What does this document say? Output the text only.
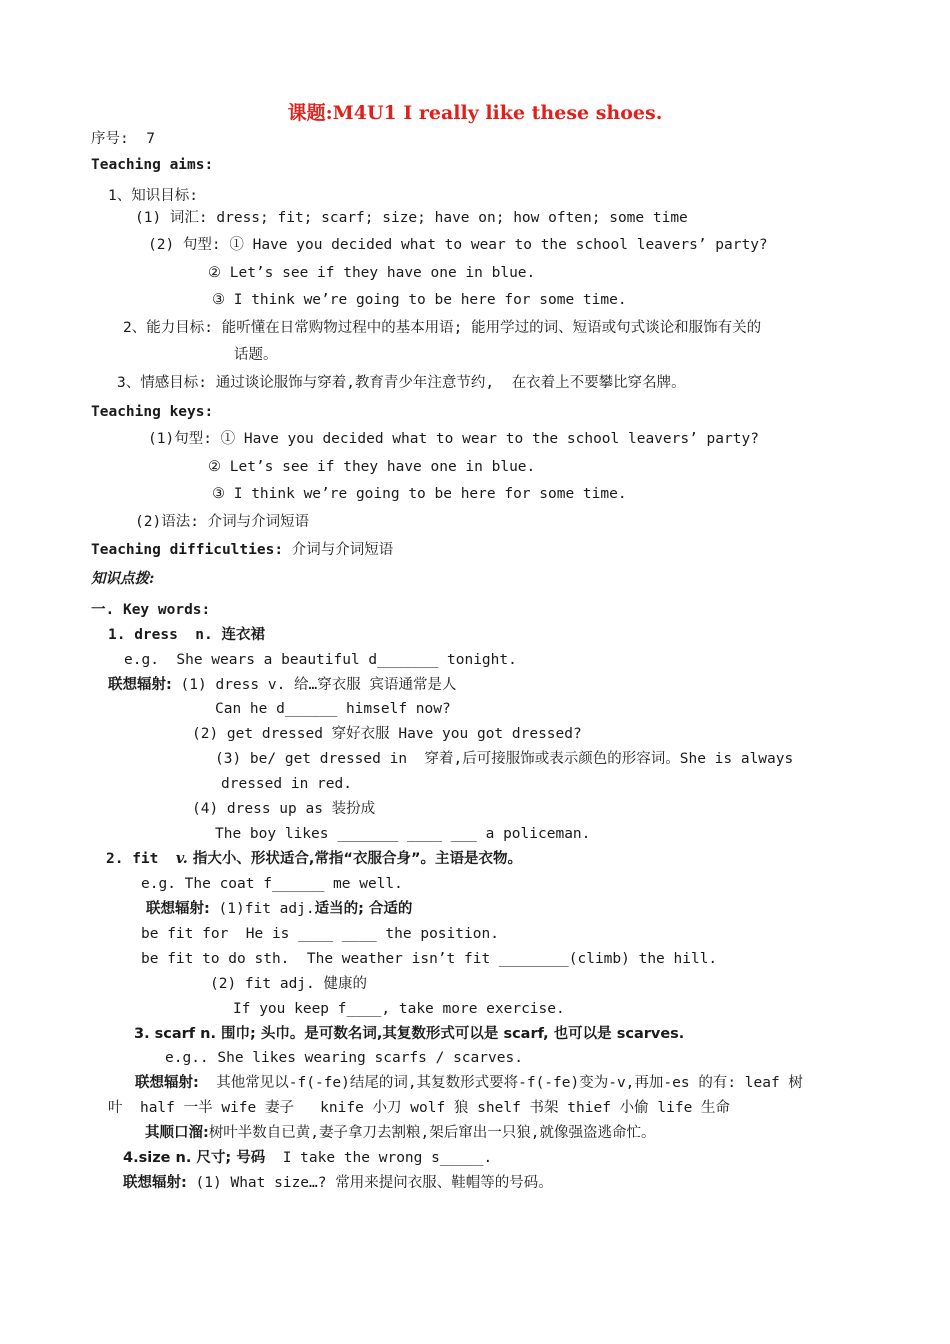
课题:M4U1 I really like these shoes.
序号:  7
Teaching aims:
1、知识目标:
(1) 词汇: dress; fit; scarf; size; have on; how often; some time
(2) 句型: ① Have you decided what to wear to the school leavers’ party?
② Let’s see if they have one in blue.
③ I think we’re going to be here for some time.
2、能力目标: 能听懂在日常购物过程中的基本用语; 能用学过的词、短语或句式谈论和服饰有关的
话题。
3、情感目标: 通过谈论服饰与穿着,教育青少年注意节约,  在衣着上不要攀比穿名牌。
Teaching keys:
(1)句型: ① Have you decided what to wear to the school leavers’ party?
② Let’s see if they have one in blue.
③ I think we’re going to be here for some time.
(2)语法: 介词与介词短语
Teaching difficulties: 介词与介词短语
知识点拨:
一. Key words:
1. dress  n. 连衣裙
e.g.  She wears a beautiful d_______ tonight.
联想辐射: (1) dress v. 给…穿衣服 宾语通常是人
Can he d______ himself now?
(2) get dressed 穿好衣服 Have you got dressed?
(3) be/ get dressed in  穿着,后可接服饰或表示颜色的形容词。She is always
dressed in red.
(4) dress up as 装扮成
The boy likes _______ ____ ___ a policeman.
2. fit  v. 指大小、形状适合,常指“衣服合身”。主语是衣物。
e.g. The coat f______ me well.
联想辐射: (1)fit adj.适当的; 合适的
be fit for  He is ____ ____ the position.
be fit to do sth.  The weather isn’t fit ________(climb) the hill.
(2) fit adj. 健康的
If you keep f____, take more exercise.
3. scarf n. 围巾; 头巾。是可数名词,其复数形式可以是 scarf, 也可以是 scarves.
e.g.. She likes wearing scarfs / scarves.
联想辐射:  其他常见以-f(-fe)结尾的词,其复数形式要将-f(-fe)变为-v,再加-es 的有: leaf 树
叶  half 一半 wife 妻子   knife 小刀 wolf 狼 shelf 书架 thief 小偷 life 生命
其顺口溜:树叶半数自已黄,妻子拿刀去割粮,架后窜出一只狼,就像强盗逃命忙。
4.size n. 尺寸; 号码  I take the wrong s_____.
联想辐射: (1) What size…? 常用来提问衣服、鞋帽等的号码。
